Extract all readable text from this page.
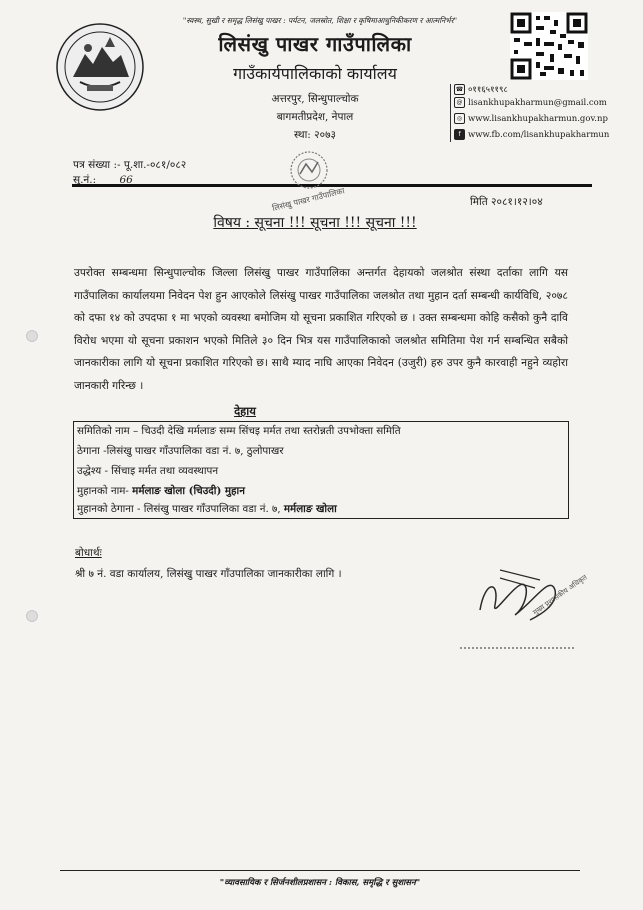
"स्वस्थ, सुखी र समृद्ध लिसंखु पाखर : पर्यटन, जलस्रोत, शिक्षा र कृषिमाआधुनिकीकरण र आत्मनिर्भर"
लिसंखु पाखर गाउँपालिका
गाउँकार्यपालिकाको कार्यालय
अत्तरपुर, सिन्धुपाल्चोक
बागमतीप्रदेश, नेपाल
स्था: २०७३
☎ ०११६५११९८
@ lisankhupakharmun@gmail.com
◎ www.lisankhupakharmun.gov.np
f www.fb.com/lisankhupakharmun
पत्र संख्या :- पू.शा.-०८१/०८२
सु.नं.: 66
मिति २०८१।१२।०४
लिसंखु पाखर गाउँपालिका
विषय : सूचना !!! सूचना !!! सूचना !!!
उपरोक्त सम्बन्धमा सिन्धुपाल्चोक जिल्ला लिसंखु पाखर गाउँपालिका अन्तर्गत देहायको जलश्रोत संस्था दर्ताका लागि यस गाउँपालिका कार्यालयमा निवेदन पेश हुन आएकोले लिसंखु पाखर गाउँपालिका जलश्रोत तथा मुहान दर्ता सम्बन्धी कार्यविधि, २०७८ को दफा १४ को उपदफा १ मा भएको व्यवस्था बमोजिम यो सूचना प्रकाशित गरिएको छ । उक्त सम्बन्धमा कोहि कसैको कुनै दावि विरोध भएमा यो सूचना प्रकाशन भएको मितिले ३० दिन भित्र यस गाउँपालिकाको जलश्रोत समितिमा पेश गर्न सम्बन्धित सबैको जानकारीका लागि यो सूचना प्रकाशित गरिएको छ। साथै म्याद नाघि आएका निवेदन (उजुरी) हरु उपर कुनै कारवाही नहुने व्यहोरा जानकारी गरिन्छ ।
देहाय
समितिको नाम – चिउदी देखि मर्मलाङ सम्म सिंचइ मर्मत तथा स्तरोन्नती उपभोक्ता समिति
ठेगाना -लिसंखु पाखर गाँउपालिका वडा नं. ७, ठुलोपाखर
उद्धेश्य - सिंचाइ मर्मत तथा व्यवस्थापन
मुहानको नाम- मर्मलाङ खोला (चिउदी) मुहान
मुहानको ठेगाना - लिसंखु पाखर गाँउपालिका वडा नं. ७, मर्मलाङ खोला
बोधार्थः
श्री ७ नं. वडा कार्यालय, लिसंखु पाखर गाँउपालिका जानकारीका लागि ।	मुख्य प्रशासकीय अधिकृत
"व्यावसायिक र सिर्जनशीलप्रशासन : विकास, समृद्धि र सुशासन"
